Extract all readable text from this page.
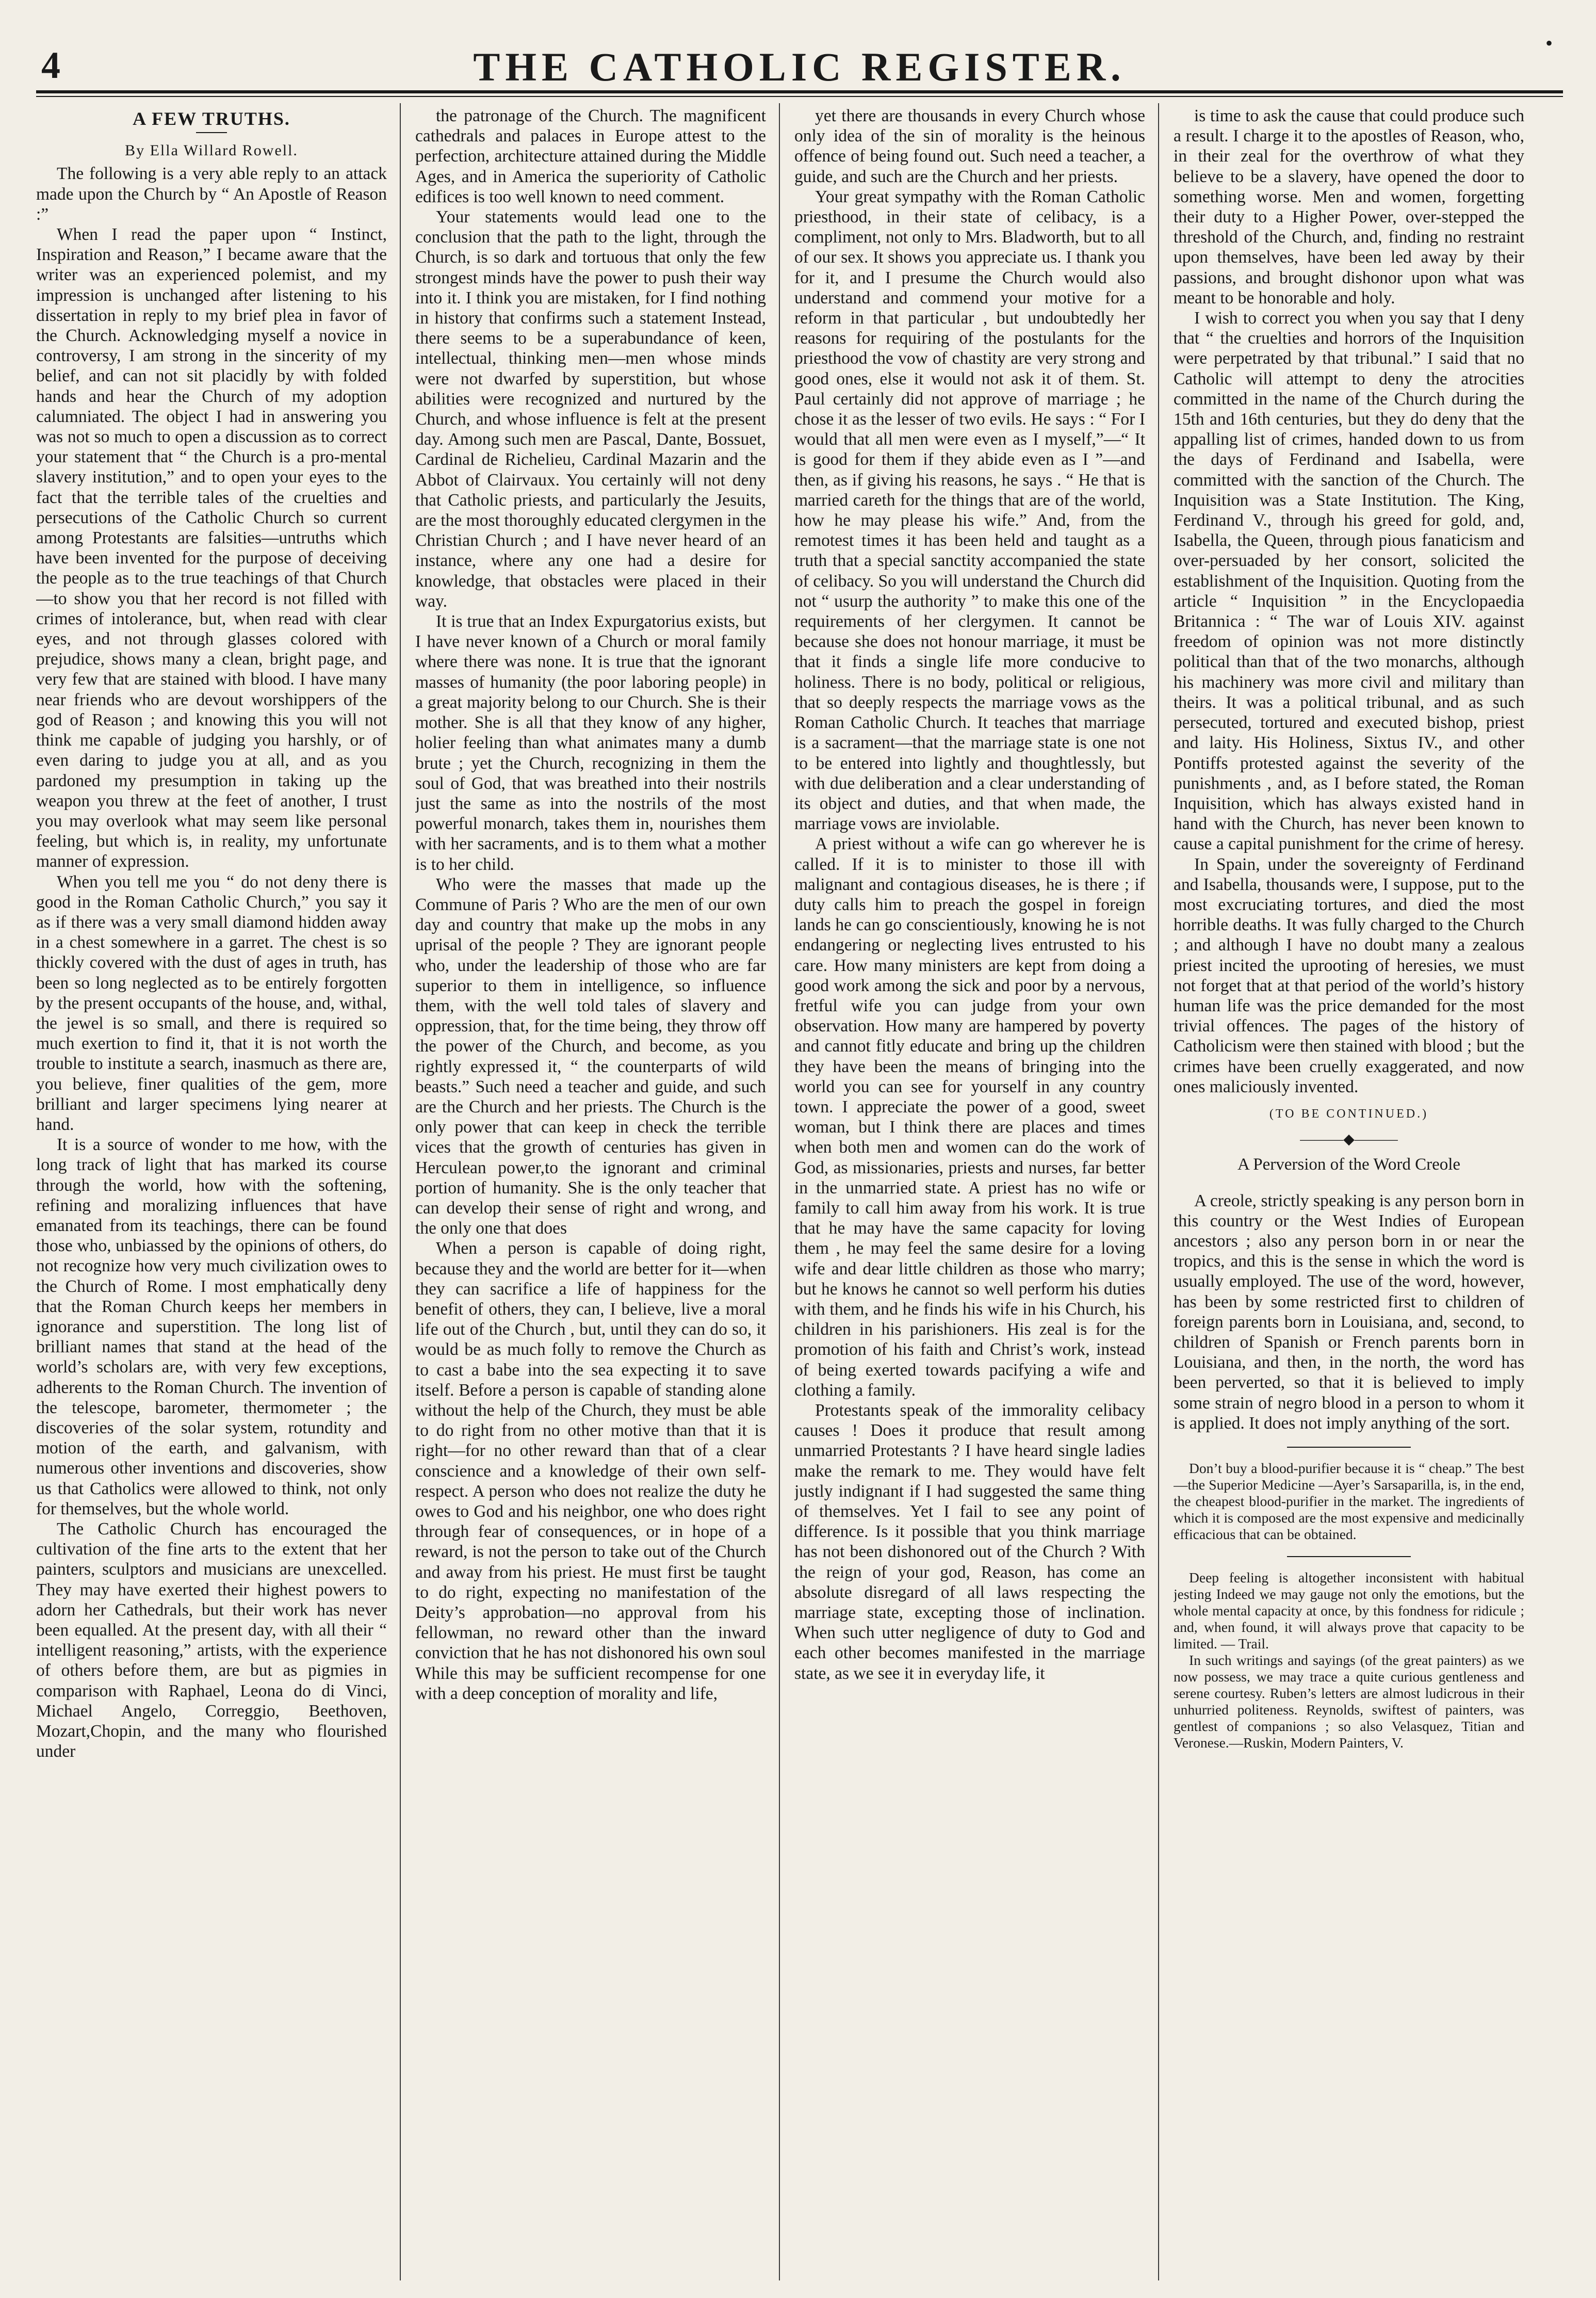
4	THE CATHOLIC REGISTER.
•
A FEW TRUTHS.
By Ella Willard Rowell.

The following is a very able reply to an attack made upon the Church by “ An Apostle of Reason :”

When I read the paper upon “ Instinct, Inspiration and Reason,” I became aware that the writer was an experienced polemist, and my impression is unchanged after listening to his dissertation in reply to my brief plea in favor of the Church. Acknowledging myself a novice in controversy, I am strong in the sincerity of my belief, and can not sit placidly by with folded hands and hear the Church of my adoption calumniated. The object I had in answering you was not so much to open a discussion as to correct your statement that “ the Church is a pro-mental slavery institution,” and to open your eyes to the fact that the terrible tales of the cruelties and persecutions of the Catholic Church so current among Protestants are falsities—untruths which have been invented for the purpose of deceiving the people as to the true teachings of that Church—to show you that her record is not filled with crimes of intolerance, but, when read with clear eyes, and not through glasses colored with prejudice, shows many a clean, bright page, and very few that are stained with blood. I have many near friends who are devout worshippers of the god of Reason ; and knowing this you will not think me capable of judging you harshly, or of even daring to judge you at all, and as you pardoned my presumption in taking up the weapon you threw at the feet of another, I trust you may overlook what may seem like personal feeling, but which is, in reality, my unfortunate manner of expression.

When you tell me you “ do not deny there is good in the Roman Catholic Church,” you say it as if there was a very small diamond hidden away in a chest somewhere in a garret. The chest is so thickly covered with the dust of ages in truth, has been so long neglected as to be entirely forgotten by the present occupants of the house, and, withal, the jewel is so small, and there is required so much exertion to find it, that it is not worth the trouble to institute a search, inasmuch as there are, you believe, finer qualities of the gem, more brilliant and larger specimens lying nearer at hand.

It is a source of wonder to me how, with the long track of light that has marked its course through the world, how with the softening, refining and moralizing influences that have emanated from its teachings, there can be found those who, unbiassed by the opinions of others, do not recognize how very much civilization owes to the Church of Rome. I most emphatically deny that the Roman Church keeps her members in ignorance and superstition. The long list of brilliant names that stand at the head of the world’s scholars are, with very few exceptions, adherents to the Roman Church. The invention of the telescope, barometer, thermometer ; the discoveries of the solar system, rotundity and motion of the earth, and galvanism, with numerous other inventions and discoveries, show us that Catholics were allowed to think, not only for themselves, but the whole world.

The Catholic Church has encouraged the cultivation of the fine arts to the extent that her painters, sculptors and musicians are unexcelled. They may have exerted their highest powers to adorn her Cathedrals, but their work has never been equalled. At the present day, with all their “ intelligent reasoning,” artists, with the experience of others before them, are but as pigmies in comparison with Raphael, Leona do di Vinci, Michael Angelo, Correggio, Beethoven, Mozart,Chopin, and the many who flourished under

the patronage of the Church. The magnificent cathedrals and palaces in Europe attest to the perfection, architecture attained during the Middle Ages, and in America the superiority of Catholic edifices is too well known to need comment.

Your statements would lead one to the conclusion that the path to the light, through the Church, is so dark and tortuous that only the few strongest minds have the power to push their way into it. I think you are mistaken, for I find nothing in history that confirms such a statement Instead, there seems to be a superabundance of keen, intellectual, thinking men—men whose minds were not dwarfed by superstition, but whose abilities were recognized and nurtured by the Church, and whose influence is felt at the present day. Among such men are Pascal, Dante, Bossuet, Cardinal de Richelieu, Cardinal Mazarin and the Abbot of Clairvaux. You certainly will not deny that Catholic priests, and particularly the Jesuits, are the most thoroughly educated clergymen in the Christian Church ; and I have never heard of an instance, where any one had a desire for knowledge, that obstacles were placed in their way.

It is true that an Index Expurgatorius exists, but I have never known of a Church or moral family where there was none. It is true that the ignorant masses of humanity (the poor laboring people) in a great majority belong to our Church. She is their mother. She is all that they know of any higher, holier feeling than what animates many a dumb brute ; yet the Church, recognizing in them the soul of God, that was breathed into their nostrils just the same as into the nostrils of the most powerful monarch, takes them in, nourishes them with her sacraments, and is to them what a mother is to her child.

Who were the masses that made up the Commune of Paris ? Who are the men of our own day and country that make up the mobs in any uprisal of the people ? They are ignorant people who, under the leadership of those who are far superior to them in intelligence, so influence them, with the well told tales of slavery and oppression, that, for the time being, they throw off the power of the Church, and become, as you rightly expressed it, “ the counterparts of wild beasts.” Such need a teacher and guide, and such are the Church and her priests. The Church is the only power that can keep in check the terrible vices that the growth of centuries has given in Herculean power,to the ignorant and criminal portion of humanity. She is the only teacher that can develop their sense of right and wrong, and the only one that does

When a person is capable of doing right, because they and the world are better for it—when they can sacrifice a life of happiness for the benefit of others, they can, I believe, live a moral life out of the Church , but, until they can do so, it would be as much folly to remove the Church as to cast a babe into the sea expecting it to save itself. Before a person is capable of standing alone without the help of the Church, they must be able to do right from no other motive than that it is right—for no other reward than that of a clear conscience and a knowledge of their own self-respect. A person who does not realize the duty he owes to God and his neighbor, one who does right through fear of consequences, or in hope of a reward, is not the person to take out of the Church and away from his priest. He must first be taught to do right, expecting no manifestation of the Deity’s approbation—no approval from his fellowman, no reward other than the inward conviction that he has not dishonored his own soul While this may be sufficient recompense for one with a deep conception of morality and life,

yet there are thousands in every Church whose only idea of the sin of morality is the heinous offence of being found out. Such need a teacher, a guide, and such are the Church and her priests.

Your great sympathy with the Roman Catholic priesthood, in their state of celibacy, is a compliment, not only to Mrs. Bladworth, but to all of our sex. It shows you appreciate us. I thank you for it, and I presume the Church would also understand and commend your motive for a reform in that particular , but undoubtedly her reasons for requiring of the postulants for the priesthood the vow of chastity are very strong and good ones, else it would not ask it of them. St. Paul certainly did not approve of marriage ; he chose it as the lesser of two evils. He says : “ For I would that all men were even as I myself,”—“ It is good for them if they abide even as I ”—and then, as if giving his reasons, he says . “ He that is married careth for the things that are of the world, how he may please his wife.” And, from the remotest times it has been held and taught as a truth that a special sanctity accompanied the state of celibacy. So you will understand the Church did not “ usurp the authority ” to make this one of the requirements of her clergymen. It cannot be because she does not honour marriage, it must be that it finds a single life more conducive to holiness. There is no body, political or religious, that so deeply respects the marriage vows as the Roman Catholic Church. It teaches that marriage is a sacrament—that the marriage state is one not to be entered into lightly and thoughtlessly, but with due deliberation and a clear understanding of its object and duties, and that when made, the marriage vows are inviolable.

A priest without a wife can go wherever he is called. If it is to minister to those ill with malignant and contagious diseases, he is there ; if duty calls him to preach the gospel in foreign lands he can go conscientiously, knowing he is not endangering or neglecting lives entrusted to his care. How many ministers are kept from doing a good work among the sick and poor by a nervous, fretful wife you can judge from your own observation. How many are hampered by poverty and cannot fitly educate and bring up the children they have been the means of bringing into the world you can see for yourself in any country town. I appreciate the power of a good, sweet woman, but I think there are places and times when both men and women can do the work of God, as missionaries, priests and nurses, far better in the unmarried state. A priest has no wife or family to call him away from his work. It is true that he may have the same capacity for loving them , he may feel the same desire for a loving wife and dear little children as those who marry; but he knows he cannot so well perform his duties with them, and he finds his wife in his Church, his children in his parishioners. His zeal is for the promotion of his faith and Christ’s work, instead of being exerted towards pacifying a wife and clothing a family.

Protestants speak of the immorality celibacy causes ! Does it produce that result among unmarried Protestants ? I have heard single ladies make the remark to me. They would have felt justly indignant if I had suggested the same thing of themselves. Yet I fail to see any point of difference. Is it possible that you think marriage has not been dishonored out of the Church ? With the reign of your god, Reason, has come an absolute disregard of all laws respecting the marriage state, excepting those of inclination. When such utter negligence of duty to God and each other becomes manifested in the marriage state, as we see it in everyday life, it

is time to ask the cause that could produce such a result. I charge it to the apostles of Reason, who, in their zeal for the overthrow of what they believe to be a slavery, have opened the door to something worse. Men and women, forgetting their duty to a Higher Power, over-stepped the threshold of the Church, and, finding no restraint upon themselves, have been led away by their passions, and brought dishonor upon what was meant to be honorable and holy.

I wish to correct you when you say that I deny that “ the cruelties and horrors of the Inquisition were perpetrated by that tribunal.” I said that no Catholic will attempt to deny the atrocities committed in the name of the Church during the 15th and 16th centuries, but they do deny that the appalling list of crimes, handed down to us from the days of Ferdinand and Isabella, were committed with the sanction of the Church. The Inquisition was a State Institution. The King, Ferdinand V., through his greed for gold, and, Isabella, the Queen, through pious fanaticism and over-persuaded by her consort, solicited the establishment of the Inquisition. Quoting from the article “ Inquisition ” in the Encyclopaedia Britannica : “ The war of Louis XIV. against freedom of opinion was not more distinctly political than that of the two monarchs, although his machinery was more civil and military than theirs. It was a political tribunal, and as such persecuted, tortured and executed bishop, priest and laity. His Holiness, Sixtus IV., and other Pontiffs protested against the severity of the punishments , and, as I before stated, the Roman Inquisition, which has always existed hand in hand with the Church, has never been known to cause a capital punishment for the crime of heresy.

In Spain, under the sovereignty of Ferdinand and Isabella, thousands were, I suppose, put to the most excruciating tortures, and died the most horrible deaths. It was fully charged to the Church ; and although I have no doubt many a zealous priest incited the uprooting of heresies, we must not forget that at that period of the world’s history human life was the price demanded for the most trivial offences. The pages of the history of Catholicism were then stained with blood ; but the crimes have been cruelly exaggerated, and now ones maliciously invented.

(TO BE CONTINUED.)
———◆———
A Perversion of the Word Creole

A creole, strictly speaking is any person born in this country or the West Indies of European ancestors ; also any person born in or near the tropics, and this is the sense in which the word is usually employed. The use of the word, however, has been by some restricted first to children of foreign parents born in Louisiana, and, second, to children of Spanish or French parents born in Louisiana, and then, in the north, the word has been perverted, so that it is believed to imply some strain of negro blood in a person to whom it is applied. It does not imply anything of the sort.

Don’t buy a blood-purifier because it is “ cheap.” The best—the Superior Medicine —Ayer’s Sarsaparilla, is, in the end, the cheapest blood-purifier in the market. The ingredients of which it is composed are the most expensive and medicinally efficacious that can be obtained.

Deep feeling is altogether inconsistent with habitual jesting Indeed we may gauge not only the emotions, but the whole mental capacity at once, by this fondness for ridicule ; and, when found, it will always prove that capacity to be limited. — Trail.

In such writings and sayings (of the great painters) as we now possess, we may trace a quite curious gentleness and serene courtesy. Ruben’s letters are almost ludicrous in their unhurried politeness. Reynolds, swiftest of painters, was gentlest of companions ; so also Velasquez, Titian and Veronese.—Ruskin, Modern Painters, V.
